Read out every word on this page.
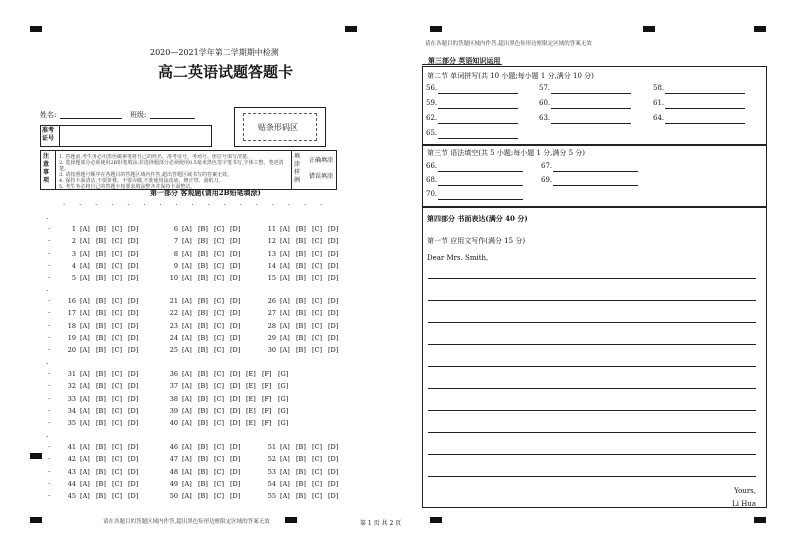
2020—2021学年第二学期期中检测
高二英语试题答题卡
姓名:	班级:
准考证号
贴条形码区
注意事项
1. 答题前,考生务必用黑色碳素笔将自己的姓名、准考证号、考场号、座位号填写清楚。
2. 选择题部分必须使用2B铅笔填涂;非选择题部分必须使用0.5毫米黑色签字笔书写,字体工整、笔迹清楚。
3. 请按照题号顺序在各题目的答题区域内作答,超出答题区域书写的答案无效。
4. 保持卡面清洁,不要折叠、不要弄破,不准使用涂改液、修正带、刮纸刀。
5. 考生务必将自己的答题卡按要求填涂整齐并保持卡面整洁。
填涂样例
正确填涂
错误填涂
第一部分 客观题(请用2B铅笔填涂)
.
.	1 [A] [B] [C] [D]	6 [A] [B] [C] [D]	11 [A] [B] [C] [D]
.	2 [A] [B] [C] [D]	7 [A] [B] [C] [D]	12 [A] [B] [C] [D]
.	3 [A] [B] [C] [D]	8 [A] [B] [C] [D]	13 [A] [B] [C] [D]
.	4 [A] [B] [C] [D]	9 [A] [B] [C] [D]	14 [A] [B] [C] [D]
.	5 [A] [B] [C] [D]	10 [A] [B] [C] [D]	15 [A] [B] [C] [D]
.
.	16 [A] [B] [C] [D]	21 [A] [B] [C] [D]	26 [A] [B] [C] [D]
.	17 [A] [B] [C] [D]	22 [A] [B] [C] [D]	27 [A] [B] [C] [D]
.	18 [A] [B] [C] [D]	23 [A] [B] [C] [D]	28 [A] [B] [C] [D]
.	19 [A] [B] [C] [D]	24 [A] [B] [C] [D]	29 [A] [B] [C] [D]
.	20 [A] [B] [C] [D]	25 [A] [B] [C] [D]	30 [A] [B] [C] [D]
.
.	31 [A] [B] [C] [D]	36 [A] [B] [C] [D] [E] [F] [G]
.	32 [A] [B] [C] [D]	37 [A] [B] [C] [D] [E] [F] [G]
.	33 [A] [B] [C] [D]	38 [A] [B] [C] [D] [E] [F] [G]
.	34 [A] [B] [C] [D]	39 [A] [B] [C] [D] [E] [F] [G]
.	35 [A] [B] [C] [D]	40 [A] [B] [C] [D] [E] [F] [G]
.
.	41 [A] [B] [C] [D]	46 [A] [B] [C] [D]	51 [A] [B] [C] [D]
.	42 [A] [B] [C] [D]	47 [A] [B] [C] [D]	52 [A] [B] [C] [D]
.	43 [A] [B] [C] [D]	48 [A] [B] [C] [D]	53 [A] [B] [C] [D]
.	44 [A] [B] [C] [D]	49 [A] [B] [C] [D]	54 [A] [B] [C] [D]
.	45 [A] [B] [C] [D]	50 [A] [B] [C] [D]	55 [A] [B] [C] [D]
.................
请在各题目的答题区域内作答,超出黑色矩形边框限定区域的答案无效	第 1 页 共 2 页
请在各题目的答题区域内作答,超出黑色矩形边框限定区域的答案无效
第三部分 英语知识运用
第二节 单词拼写(共 10 小题;每小题 1 分,满分 10 分)
56.	57.	58.
59.	60.	61.
62.	63.	64.
65.
第三节 语法填空(共 5 小题;每小题 1 分,满分 5 分)
66.	67.
68.	69.
70.
第四部分 书面表达(满分 40 分)
第一节 应用文写作(满分 15 分)
Dear Mrs. Smith,
Yours,
Li Hua
